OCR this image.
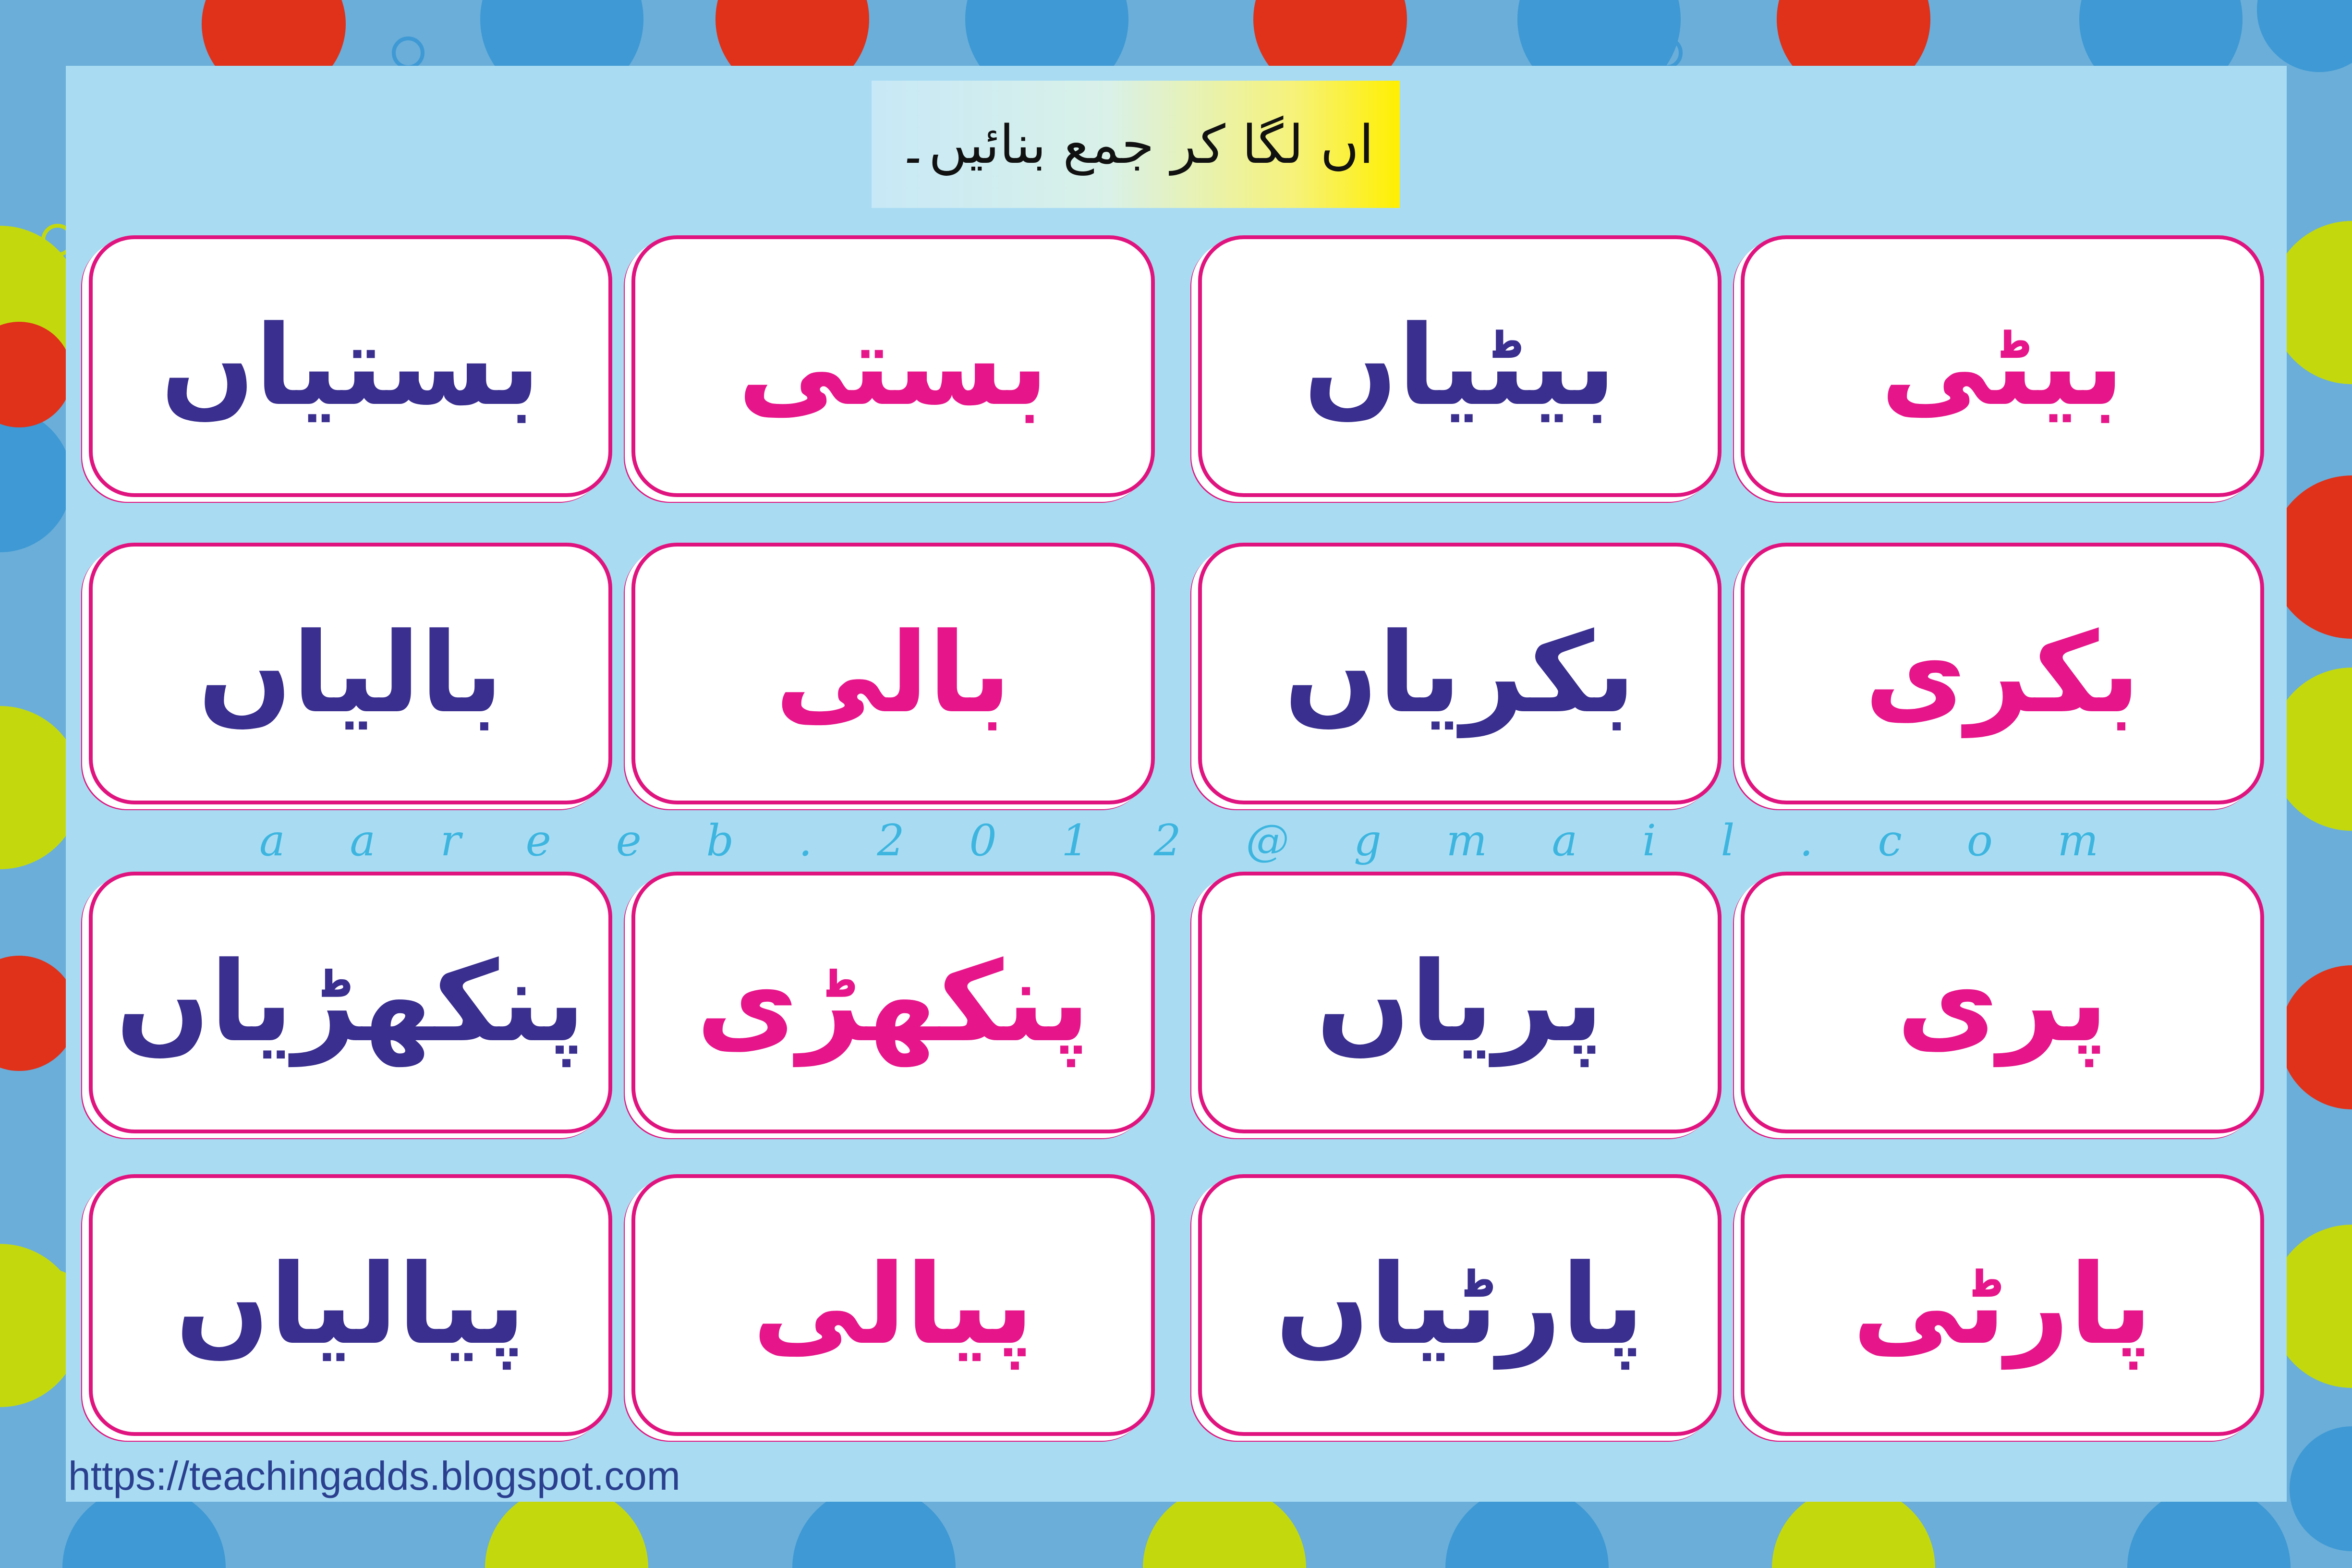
اں لگا کر جمع بنائیں۔
بیٹی
بیٹیاں
بستی
بستیاں
بکری
بکریاں
بالی
بالیاں
a a r e e b . 2 0 1 2 @ g m a i l . c o m
پری
پریاں
پنکھڑی
پنکھڑیاں
پارٹی
پارٹیاں
پیالی
پیالیاں
https://teachingadds.blogspot.com
